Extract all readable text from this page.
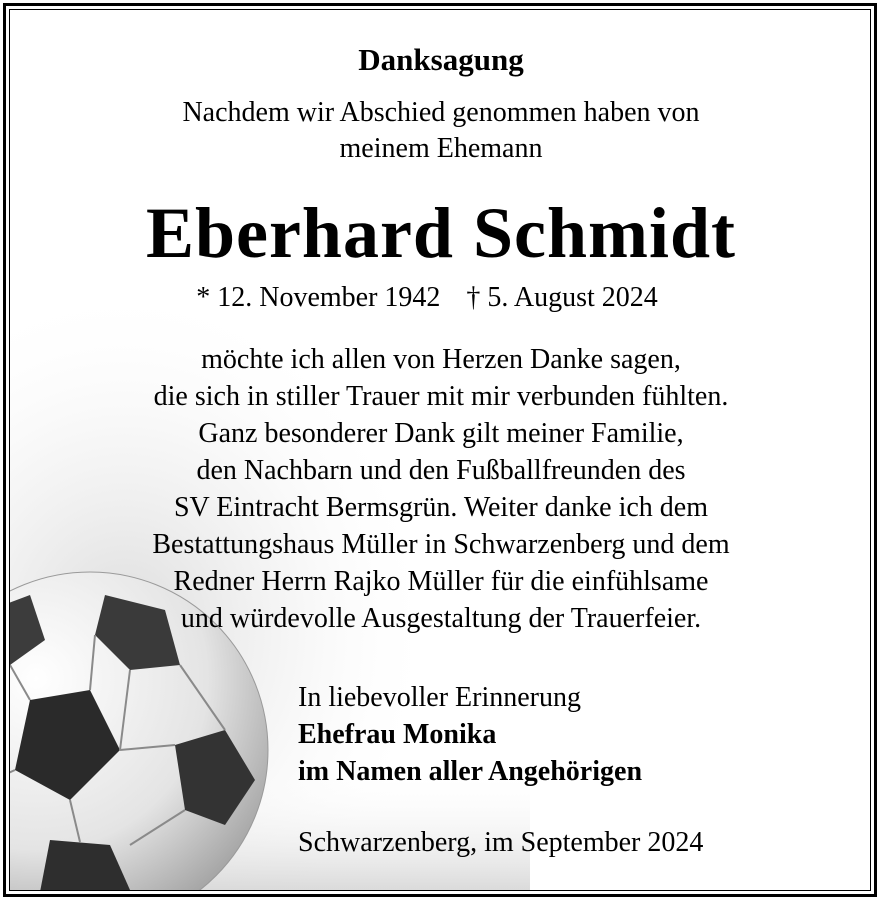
Danksagung
Nachdem wir Abschied genommen haben von
meinem Ehemann
Eberhard Schmidt
* 12. November 1942 † 5. August 2024
möchte ich allen von Herzen Danke sagen,
die sich in stiller Trauer mit mir verbunden fühlten.
Ganz besonderer Dank gilt meiner Familie,
den Nachbarn und den Fußballfreunden des
SV Eintracht Bermsgrün. Weiter danke ich dem
Bestattungshaus Müller in Schwarzenberg und dem
Redner Herrn Rajko Müller für die einfühlsame
und würdevolle Ausgestaltung der Trauerfeier.
In liebevoller Erinnerung
Ehefrau Monika
im Namen aller Angehörigen
Schwarzenberg, im September 2024
